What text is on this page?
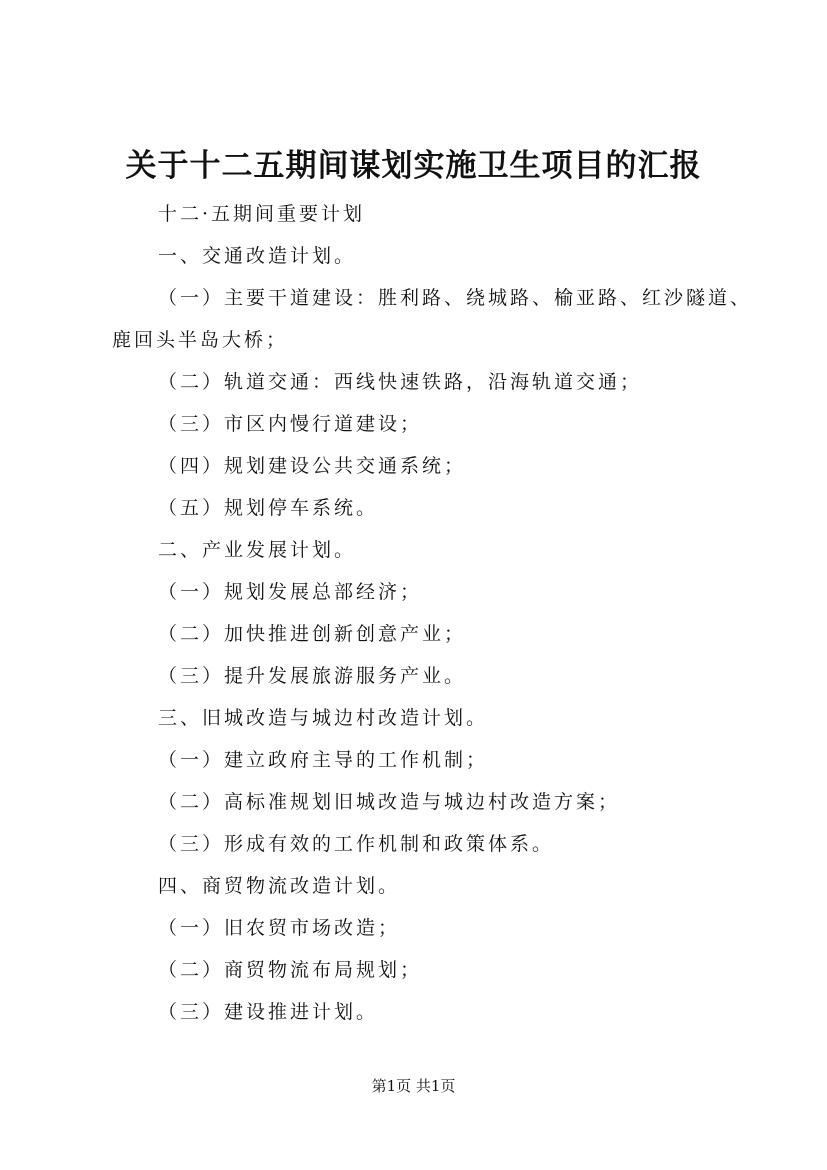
关于十二五期间谋划实施卫生项目的汇报
十二·五期间重要计划
一、交通改造计划。
（一）主要干道建设：胜利路、绕城路、榆亚路、红沙隧道、
鹿回头半岛大桥；
（二）轨道交通：西线快速铁路，沿海轨道交通；
（三）市区内慢行道建设；
（四）规划建设公共交通系统；
（五）规划停车系统。
二、产业发展计划。
（一）规划发展总部经济；
（二）加快推进创新创意产业；
（三）提升发展旅游服务产业。
三、旧城改造与城边村改造计划。
（一）建立政府主导的工作机制；
（二）高标准规划旧城改造与城边村改造方案；
（三）形成有效的工作机制和政策体系。
四、商贸物流改造计划。
（一）旧农贸市场改造；
（二）商贸物流布局规划；
（三）建设推进计划。
第1页 共1页
